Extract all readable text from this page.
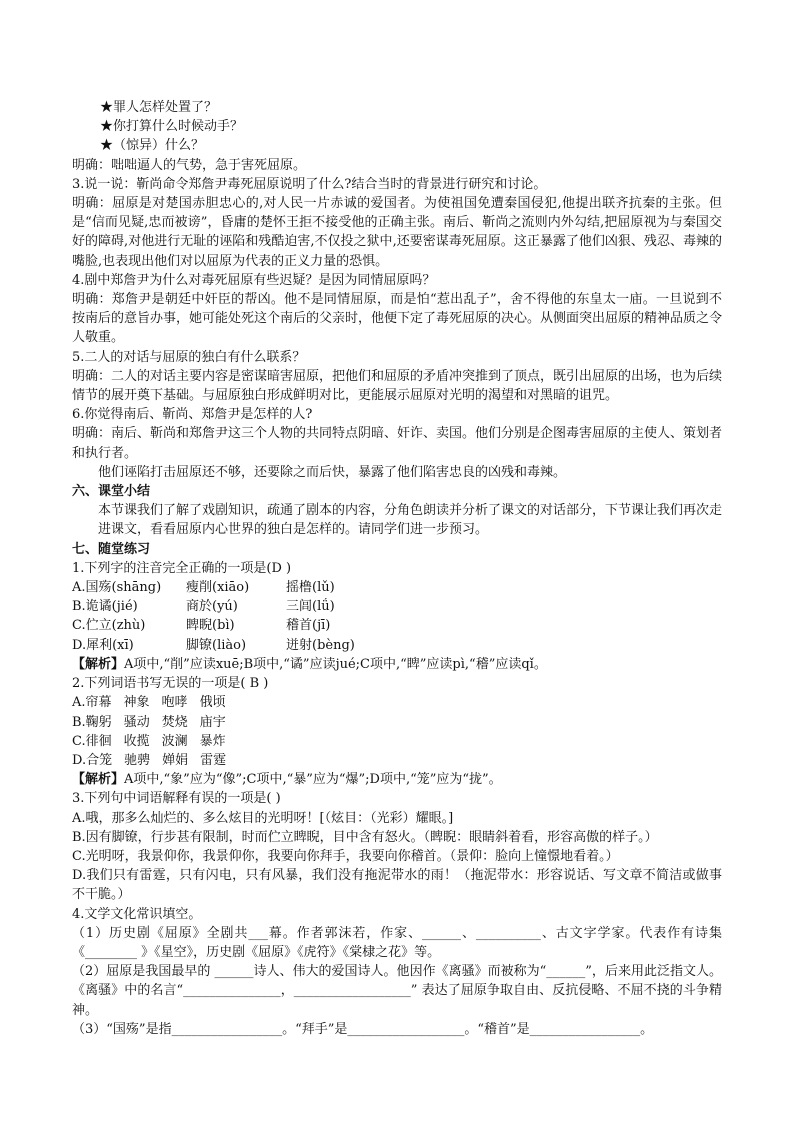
★罪人怎样处置了？

★你打算什么时候动手？

★（惊异）什么？

明确：咄咄逼人的气势，急于害死屈原。

3.说一说：靳尚命令郑詹尹毒死屈原说明了什么?结合当时的背景进行研究和讨论。

明确：屈原是对楚国赤胆忠心的,对人民一片赤诚的爱国者。为使祖国免遭秦国侵犯,他提出联齐抗秦的主张。但是“信而见疑,忠而被谤”，昏庸的楚怀王拒不接受他的正确主张。南后、靳尚之流则内外勾结,把屈原视为与秦国交好的障碍,对他进行无耻的诬陷和残酷迫害,不仅投之狱中,还要密谋毒死屈原。这正暴露了他们凶狠、残忍、毒辣的嘴脸,也表现出他们对以屈原为代表的正义力量的恐惧。

4.剧中郑詹尹为什么对毒死屈原有些迟疑？是因为同情屈原吗？

明确：郑詹尹是朝廷中奸臣的帮凶。他不是同情屈原，而是怕“惹出乱子”，舍不得他的东皇太一庙。一旦说到不按南后的意旨办事，她可能处死这个南后的父亲时，他便下定了毒死屈原的决心。从侧面突出屈原的精神品质之令人敬重。

5.二人的对话与屈原的独白有什么联系？

明确：二人的对话主要内容是密谋暗害屈原，把他们和屈原的矛盾冲突推到了顶点，既引出屈原的出场，也为后续情节的展开奠下基础。与屈原独白形成鲜明对比，更能展示屈原对光明的渴望和对黑暗的诅咒。

6.你觉得南后、靳尚、郑詹尹是怎样的人?

明确：南后、靳尚和郑詹尹这三个人物的共同特点阴暗、奸诈、卖国。他们分别是企图毒害屈原的主使人、策划者和执行者。

他们诬陷打击屈原还不够，还要除之而后快，暴露了他们陷害忠良的凶残和毒辣。

六、课堂小结

本节课我们了解了戏剧知识，疏通了剧本的内容，分角色朗读并分析了课文的对话部分，下节课让我们再次走进课文，看看屈原内心世界的独白是怎样的。请同学们进一步预习。

七、随堂练习

1.下列字的注音完全正确的一项是(D )

A.国殇(shāng)	瘦削(xiāo)	摇橹(lǔ)
B.诡谲(jié)	商於(yú)	三闾(lǘ)
C.伫立(zhù)	睥睨(bì)	稽首(jī)
D.犀利(xī)	脚镣(liào)	迸射(bèng)

【解析】A项中,“削”应读xuē;B项中,“谲”应读jué;C项中,“睥”应读pì,“稽”应读qǐ。

2.下列词语书写无误的一项是( B )

A.帘幕 神象 咆哮 俄顷
B.鞠躬 骚动 焚烧 庙宇
C.徘徊 收揽 波澜 暴炸
D.合笼 驰骋 婵娟 雷霆

【解析】A项中,“象”应为“像”;C项中,“暴”应为“爆”;D项中,“笼”应为“拢”。

3.下列句中词语解释有误的一项是( )

A.哦，那多么灿烂的、多么炫目的光明呀！[（炫目：（光彩）耀眼。]

B.因有脚镣，行步甚有限制，时而伫立睥睨，目中含有怒火。（睥睨：眼睛斜着看，形容高傲的样子。）

C.光明呀，我景仰你，我景仰你，我要向你拜手，我要向你稽首。（景仰：脸向上憧憬地看着。）

D.我们只有雷霆，只有闪电，只有风暴，我们没有拖泥带水的雨！（拖泥带水：形容说话、写文章不简洁或做事不干脆。）

4.文学文化常识填空。

（1）历史剧《屈原》全剧共___幕。作者郭沫若，作家、______、__________、古文字学家。代表作有诗集《________ 》《星空》，历史剧《屈原》《虎符》《棠棣之花》等。

（2）屈原是我国最早的 ______诗人、伟大的爱国诗人。他因作《离骚》而被称为“______”，后来用此泛指文人。《离骚》中的名言“_______________，__________________” 表达了屈原争取自由、反抗侵略、不屈不挠的斗争精神。

（3）“国殇”是指_________________。“拜手”是__________________。“稽首”是_________________。
